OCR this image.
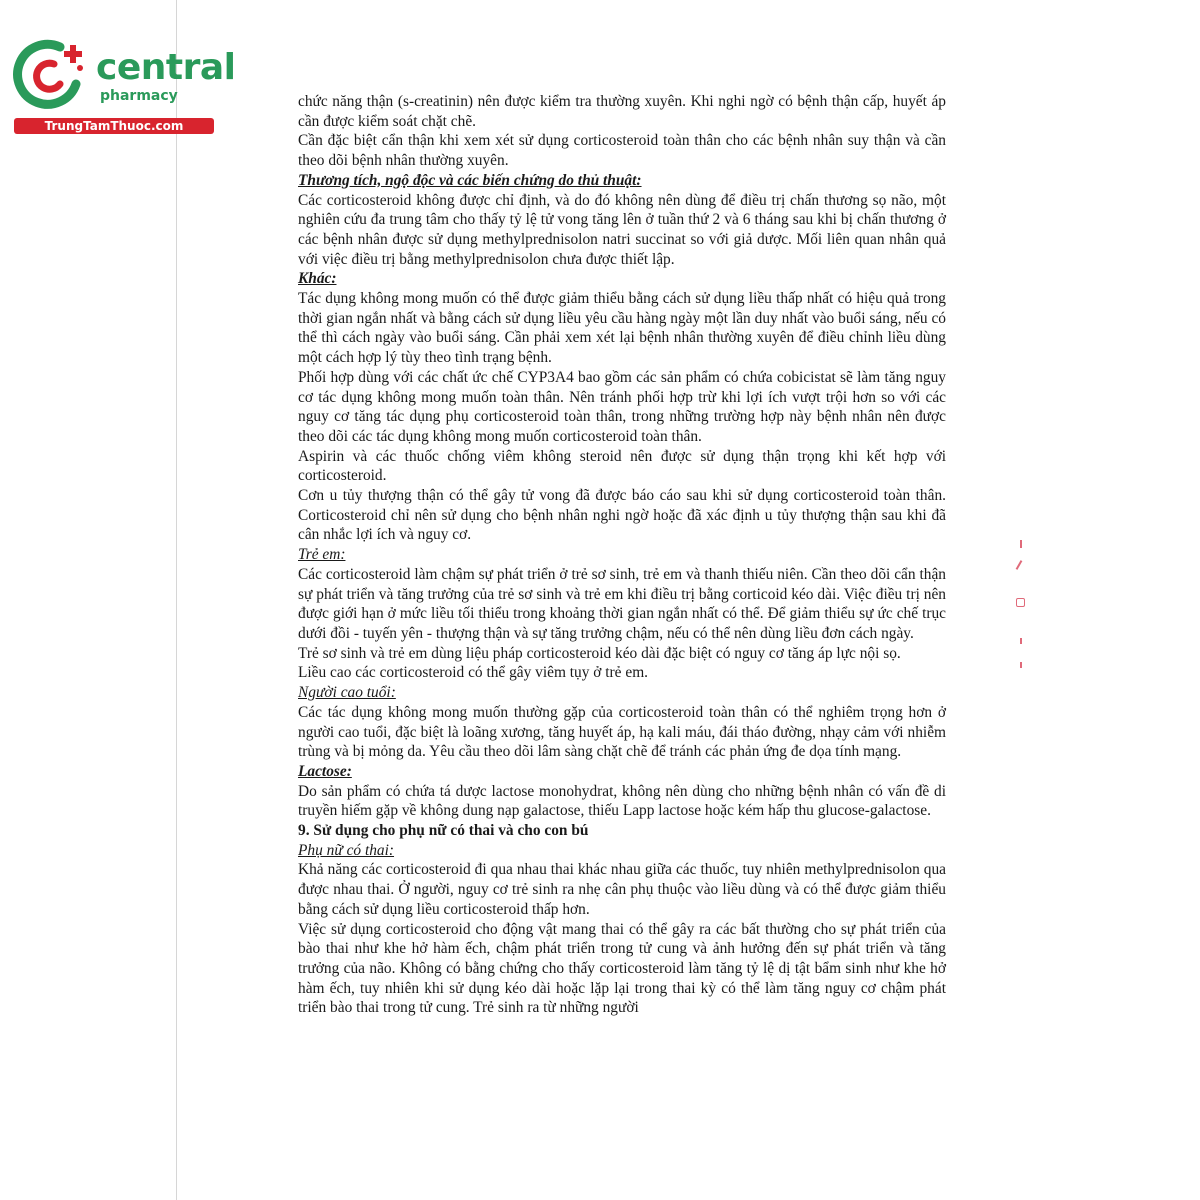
central
pharmacy
TrungTamThuoc.com

chức năng thận (s-creatinin) nên được kiểm tra thường xuyên. Khi nghi ngờ có bệnh thận cấp, huyết áp cần được kiểm soát chặt chẽ.

Cần đặc biệt cẩn thận khi xem xét sử dụng corticosteroid toàn thân cho các bệnh nhân suy thận và cần theo dõi bệnh nhân thường xuyên.

Thương tích, ngộ độc và các biến chứng do thủ thuật:

Các corticosteroid không được chỉ định, và do đó không nên dùng để điều trị chấn thương sọ não, một nghiên cứu đa trung tâm cho thấy tỷ lệ tử vong tăng lên ở tuần thứ 2 và 6 tháng sau khi bị chấn thương ở các bệnh nhân được sử dụng methylprednisolon natri succinat so với giả dược. Mối liên quan nhân quả với việc điều trị bằng methylprednisolon chưa được thiết lập.

Khác:

Tác dụng không mong muốn có thể được giảm thiểu bằng cách sử dụng liều thấp nhất có hiệu quả trong thời gian ngắn nhất và bằng cách sử dụng liều yêu cầu hàng ngày một lần duy nhất vào buổi sáng, nếu có thể thì cách ngày vào buổi sáng. Cần phải xem xét lại bệnh nhân thường xuyên để điều chỉnh liều dùng một cách hợp lý tùy theo tình trạng bệnh.

Phối hợp dùng với các chất ức chế CYP3A4 bao gồm các sản phẩm có chứa cobicistat sẽ làm tăng nguy cơ tác dụng không mong muốn toàn thân. Nên tránh phối hợp trừ khi lợi ích vượt trội hơn so với các nguy cơ tăng tác dụng phụ corticosteroid toàn thân, trong những trường hợp này bệnh nhân nên được theo dõi các tác dụng không mong muốn corticosteroid toàn thân.

Aspirin và các thuốc chống viêm không steroid nên được sử dụng thận trọng khi kết hợp với corticosteroid.

Cơn u tủy thượng thận có thể gây tử vong đã được báo cáo sau khi sử dụng corticosteroid toàn thân. Corticosteroid chỉ nên sử dụng cho bệnh nhân nghi ngờ hoặc đã xác định u tủy thượng thận sau khi đã cân nhắc lợi ích và nguy cơ.

Trẻ em:

Các corticosteroid làm chậm sự phát triển ở trẻ sơ sinh, trẻ em và thanh thiếu niên. Cần theo dõi cẩn thận sự phát triển và tăng trưởng của trẻ sơ sinh và trẻ em khi điều trị bằng corticoid kéo dài. Việc điều trị nên được giới hạn ở mức liều tối thiểu trong khoảng thời gian ngắn nhất có thể. Để giảm thiểu sự ức chế trục dưới đồi - tuyến yên - thượng thận và sự tăng trưởng chậm, nếu có thể nên dùng liều đơn cách ngày.

Trẻ sơ sinh và trẻ em dùng liệu pháp corticosteroid kéo dài đặc biệt có nguy cơ tăng áp lực nội sọ.

Liều cao các corticosteroid có thể gây viêm tụy ở trẻ em.

Người cao tuổi:

Các tác dụng không mong muốn thường gặp của corticosteroid toàn thân có thể nghiêm trọng hơn ở người cao tuổi, đặc biệt là loãng xương, tăng huyết áp, hạ kali máu, đái tháo đường, nhạy cảm với nhiễm trùng và bị mỏng da. Yêu cầu theo dõi lâm sàng chặt chẽ để tránh các phản ứng đe dọa tính mạng.

Lactose:

Do sản phẩm có chứa tá dược lactose monohydrat, không nên dùng cho những bệnh nhân có vấn đề di truyền hiếm gặp về không dung nạp galactose, thiếu Lapp lactose hoặc kém hấp thu glucose-galactose.

9. Sử dụng cho phụ nữ có thai và cho con bú

Phụ nữ có thai:

Khả năng các corticosteroid đi qua nhau thai khác nhau giữa các thuốc, tuy nhiên methylprednisolon qua được nhau thai. Ở người, nguy cơ trẻ sinh ra nhẹ cân phụ thuộc vào liều dùng và có thể được giảm thiểu bằng cách sử dụng liều corticosteroid thấp hơn.

Việc sử dụng corticosteroid cho động vật mang thai có thể gây ra các bất thường cho sự phát triển của bào thai như khe hở hàm ếch, chậm phát triển trong tử cung và ảnh hưởng đến sự phát triển và tăng trưởng của não. Không có bằng chứng cho thấy corticosteroid làm tăng tỷ lệ dị tật bẩm sinh như khe hở hàm ếch, tuy nhiên khi sử dụng kéo dài hoặc lặp lại trong thai kỳ có thể làm tăng nguy cơ chậm phát triển bào thai trong tử cung. Trẻ sinh ra từ những người
